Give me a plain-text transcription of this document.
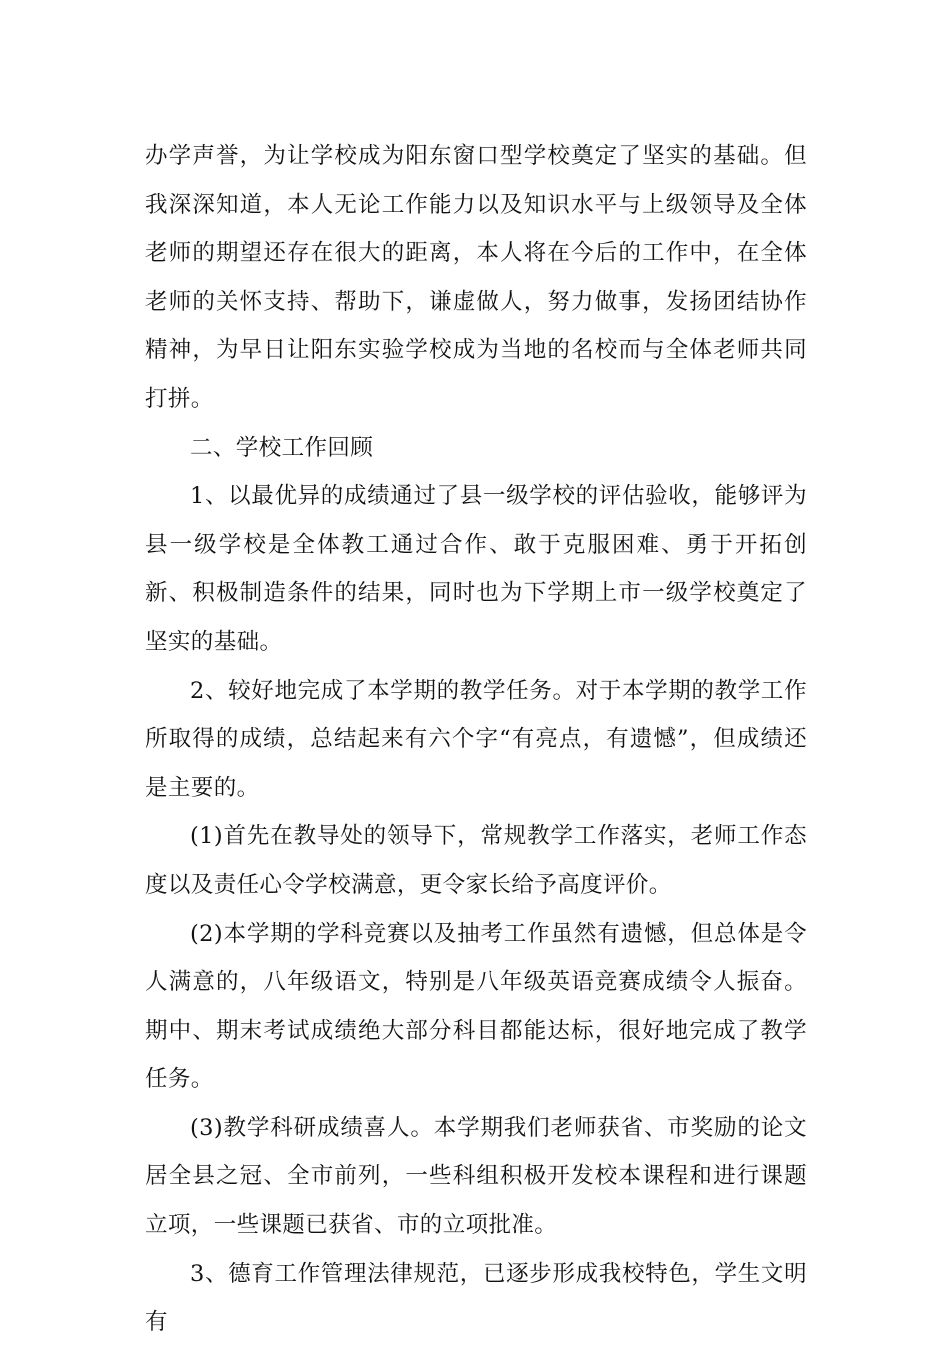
办学声誉，为让学校成为阳东窗口型学校奠定了坚实的基础。但我深深知道，本人无论工作能力以及知识水平与上级领导及全体老师的期望还存在很大的距离，本人将在今后的工作中，在全体老师的关怀支持、帮助下，谦虚做人，努力做事，发扬团结协作精神，为早日让阳东实验学校成为当地的名校而与全体老师共同打拼。

二、学校工作回顾

1、以最优异的成绩通过了县一级学校的评估验收，能够评为县一级学校是全体教工通过合作、敢于克服困难、勇于开拓创新、积极制造条件的结果，同时也为下学期上市一级学校奠定了坚实的基础。

2、较好地完成了本学期的教学任务。对于本学期的教学工作所取得的成绩，总结起来有六个字“有亮点，有遗憾”，但成绩还是主要的。

(1)首先在教导处的领导下，常规教学工作落实，老师工作态度以及责任心令学校满意，更令家长给予高度评价。

(2)本学期的学科竞赛以及抽考工作虽然有遗憾，但总体是令人满意的，八年级语文，特别是八年级英语竞赛成绩令人振奋。期中、期末考试成绩绝大部分科目都能达标，很好地完成了教学任务。

(3)教学科研成绩喜人。本学期我们老师获省、市奖励的论文居全县之冠、全市前列，一些科组积极开发校本课程和进行课题立项，一些课题已获省、市的立项批准。

3、德育工作管理法律规范，已逐步形成我校特色，学生文明有
